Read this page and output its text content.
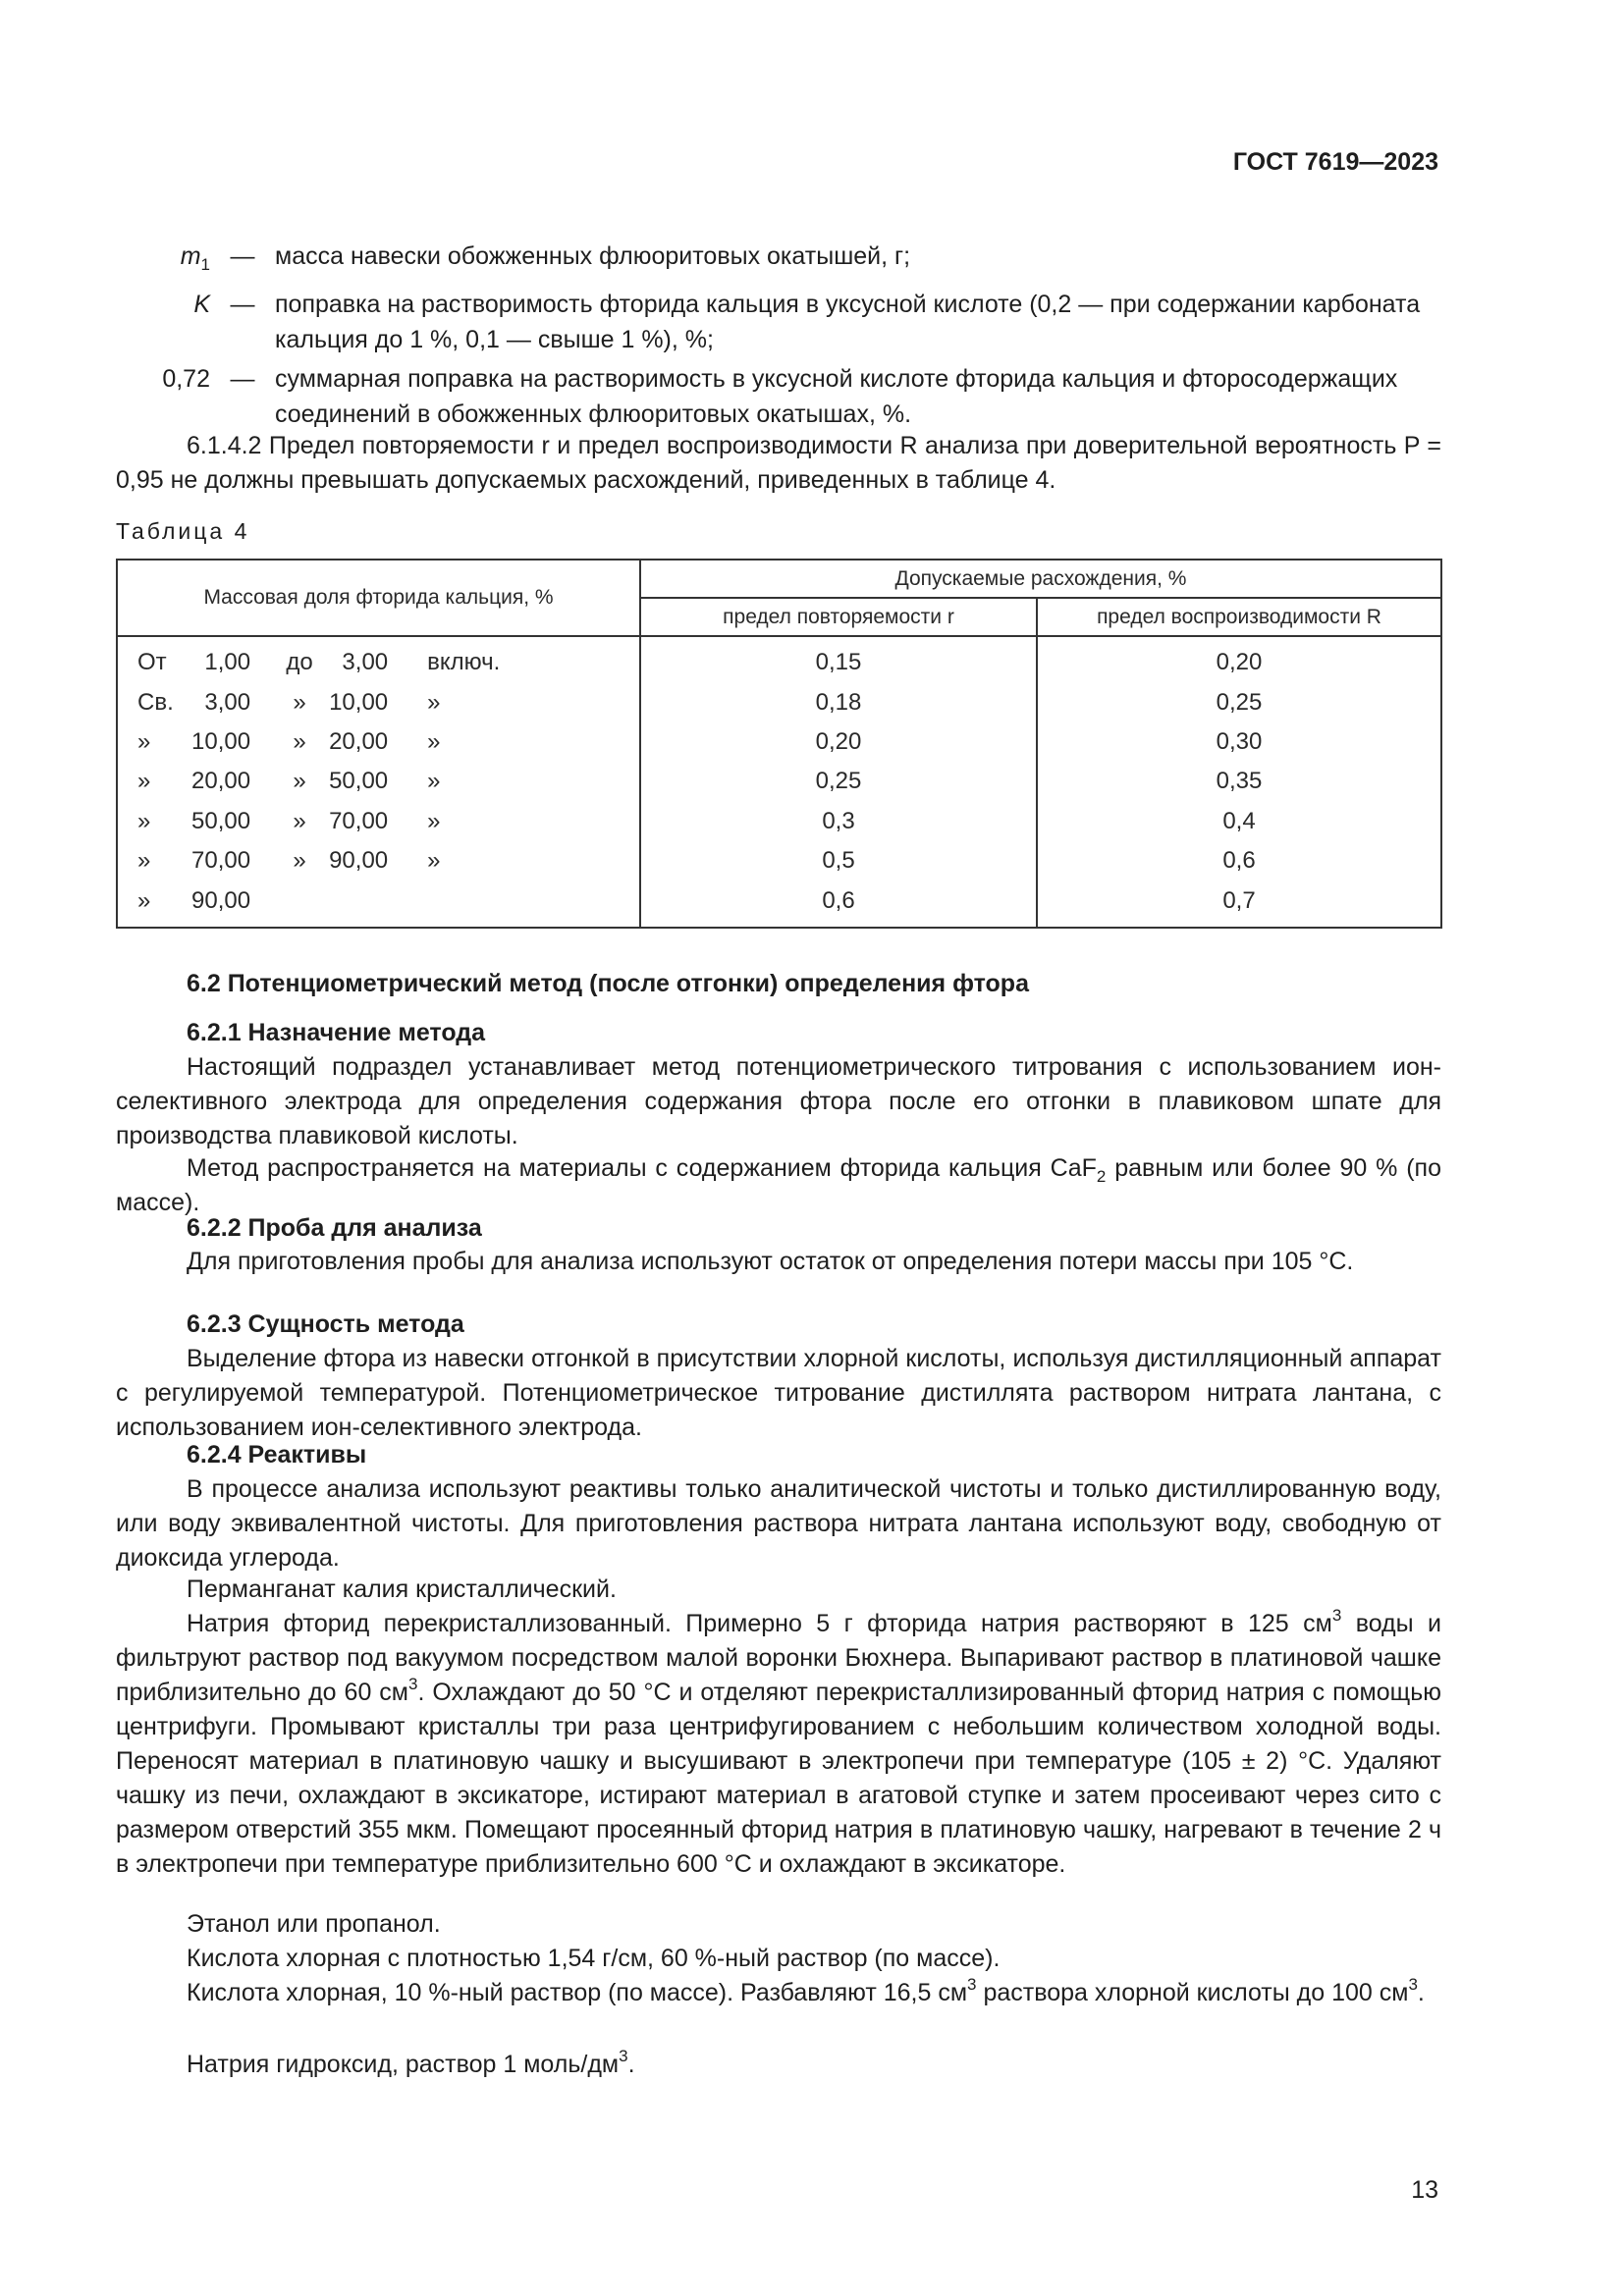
ГОСТ 7619—2023
$m_1$ — масса навески обожженных флюоритовых окатышей, г;
K — поправка на растворимость фторида кальция в уксусной кислоте (0,2 — при содержании карбоната кальция до 1 %, 0,1 — свыше 1 %), %;
0,72 — суммарная поправка на растворимость в уксусной кислоте фторида кальция и фторосодержащих соединений в обожженных флюоритовых окатышах, %.
6.1.4.2 Предел повторяемости r и предел воспроизводимости R анализа при доверительной вероятность P = 0,95 не должны превышать допускаемых расхождений, приведенных в таблице 4.
Таблица 4
Массовая доля фторида кальция, %					Допускаемые расхождения, %	
					предел повторяемости r	предел воспроизводимости R
От	1,00	до	3,00	включ.	0,15	0,20
Св.	3,00	»	10,00	»	0,18	0,25
»	10,00	»	20,00	»	0,20	0,30
»	20,00	»	50,00	»	0,25	0,35
»	50,00	»	70,00	»	0,3	0,4
»	70,00	»	90,00	»	0,5	0,6
»	90,00				0,6	0,7
6.2 Потенциометрический метод (после отгонки) определения фтора
6.2.1 Назначение метода
Настоящий подраздел устанавливает метод потенциометрического титрования с использованием ион-селективного электрода для определения содержания фтора после его отгонки в плавиковом шпате для производства плавиковой кислоты.
Метод распространяется на материалы с содержанием фторида кальция CaF$_2$ равным или более 90 % (по массе).
6.2.2 Проба для анализа
Для приготовления пробы для анализа используют остаток от определения потери массы при 105 °С.
6.2.3 Сущность метода
Выделение фтора из навески отгонкой в присутствии хлорной кислоты, используя дистилляционный аппарат с регулируемой температурой. Потенциометрическое титрование дистиллята раствором нитрата лантана, с использованием ион-селективного электрода.
6.2.4 Реактивы
В процессе анализа используют реактивы только аналитической чистоты и только дистиллированную воду, или воду эквивалентной чистоты. Для приготовления раствора нитрата лантана используют воду, свободную от диоксида углерода.
Перманганат калия кристаллический.
Натрия фторид перекристаллизованный. Примерно 5 г фторида натрия растворяют в 125 $см^3$ воды и фильтруют раствор под вакуумом посредством малой воронки Бюхнера. Выпаривают раствор в платиновой чашке приблизительно до 60 $см^3$. Охлаждают до 50 °С и отделяют перекристаллизированный фторид натрия с помощью центрифуги. Промывают кристаллы три раза центрифугированием с небольшим количеством холодной воды. Переносят материал в платиновую чашку и высушивают в электропечи при температуре (105 ± 2) °С. Удаляют чашку из печи, охлаждают в эксикаторе, истирают материал в агатовой ступке и затем просеивают через сито с размером отверстий 355 мкм. Помещают просеянный фторид натрия в платиновую чашку, нагревают в течение 2 ч в электропечи при температуре приблизительно 600 °С и охлаждают в эксикаторе.
Этанол или пропанол.
Кислота хлорная с плотностью 1,54 г/см, 60 %-ный раствор (по массе).
Кислота хлорная, 10 %-ный раствор (по массе). Разбавляют 16,5 $см^3$ раствора хлорной кислоты до 100 $см^3$.
Натрия гидроксид, раствор 1 моль/$дм^3$.
13
